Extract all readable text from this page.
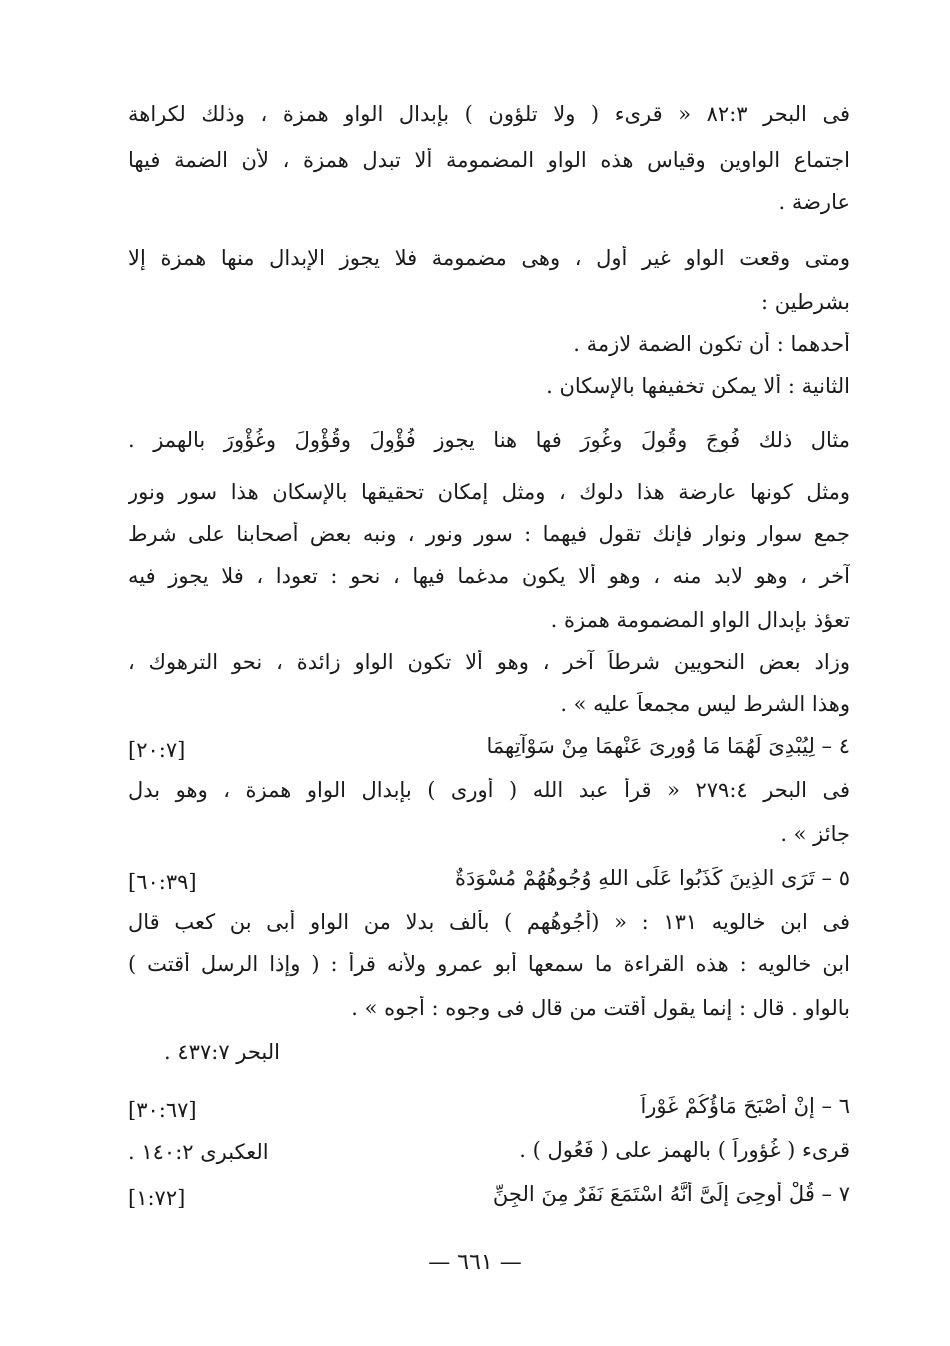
فى البحر ٨٢:٣ « قرىء ( ولا تلؤون ) بإبدال الواو همزة ، وذلك لكراهة
اجتماع الواوين وقياس هذه الواو المضمومة ألا تبدل همزة ، لأن الضمة فيها
عارضة .
ومتى وقعت الواو غير أول ، وهى مضمومة فلا يجوز الإبدال منها همزة إلا
بشرطين :
أحدهما : أن تكون الضمة لازمة .
الثانية : ألا يمكن تخفيفها بالإسكان .
مثال ذلك فُوِجَ وقُوِلَ وغُوِرَ فها هنا يجوز فُؤْوِلَ وقُؤْوِلَ وغُؤْوِرَ بالهمز .
ومثل كونها عارضة هذا دلوك ، ومثل إمكان تحقيقها بالإسكان هذا سور ونور
جمع سوار ونوار فإنك تقول فيهما : سور ونور ، ونبه بعض أصحابنا على شرط
آخر ، وهو لابد منه ، وهو ألا يكون مدغما فيها ، نحو : تعودا ، فلا يجوز فيه
تعؤذ بإبدال الواو المضمومة همزة .
وزاد بعض النحويين شرطاً آخر ، وهو ألا تكون الواو زائدة ، نحو الترهوك ،
وهذا الشرط ليس مجمعاً عليه » .
٤ – لِيُبْدِىَ لَهُمَا مَا وُورِىَ عَنْهمَا مِنْ سَوْآتِهِمَا
[٢٠:٧]
فى البحر ٢٧٩:٤ « قرأ عبد الله ( أُورى ) بإبدال الواو همزة ، وهو بدل
جائز » .
٥ – تَرَى الذِينَ كَذَبُوا عَلَى اللهِ وُجُوهُهُمْ مُسْوَدَةٌ
[٦٠:٣٩]
فى ابن خالويه ١٣١ : « (أُجُوهُهم ) بألف بدلا من الواو أبى بن كعب قال
ابن خالويه : هذه القراءة ما سمعها أبو عمرو ولأنه قرأ : ( وإذا الرسل أقتت )
بالواو . قال : إنما يقول أقتت من قال فى وجوه : أجوه » .
البحر ٤٣٧:٧ .
٦ – إنْ أَصْبَحَ مَاؤُكُمْ غَوْراً
[٣٠:٦٧]
قرىء ( غُؤوراً ) بالهمز على ( فَعُول ) .
العكبرى ١٤٠:٢ .
٧ – قُلْ أُوحِىَ إلَىَّ أَنَّهُ اسْتَمَعَ نَفَرٌ مِنَ الجِنِّ
[١:٧٢]
— ٦٦١ —
